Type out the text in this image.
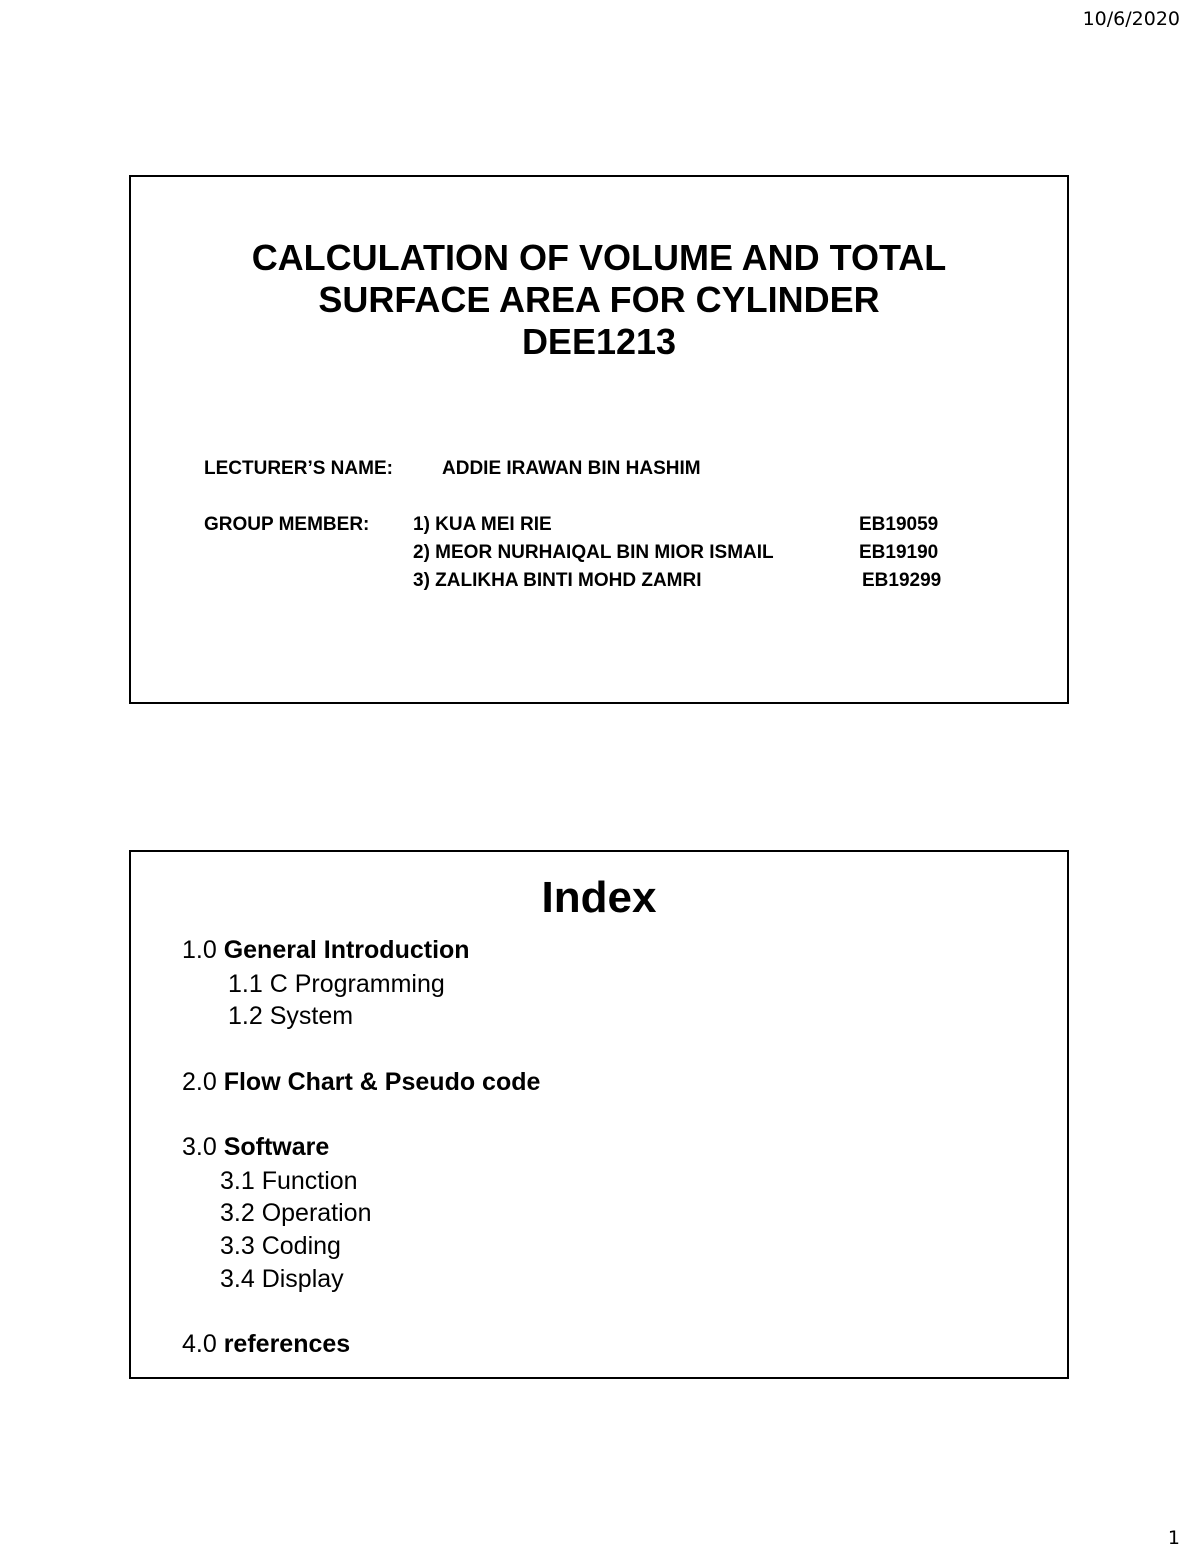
10/6/2020
CALCULATION OF VOLUME AND TOTAL
SURFACE AREA FOR CYLINDER
DEE1213
LECTURER’S NAME:	ADDIE IRAWAN BIN HASHIM
GROUP MEMBER: 1) KUA MEI RIE	EB19059
2) MEOR NURHAIQAL BIN MIOR ISMAIL	EB19190
3) ZALIKHA BINTI MOHD ZAMRI	EB19299
Index
1.0 General Introduction
1.1 C Programming
1.2 System
2.0 Flow Chart & Pseudo code
3.0 Software
3.1 Function
3.2 Operation
3.3 Coding
3.4 Display
4.0 references
1
